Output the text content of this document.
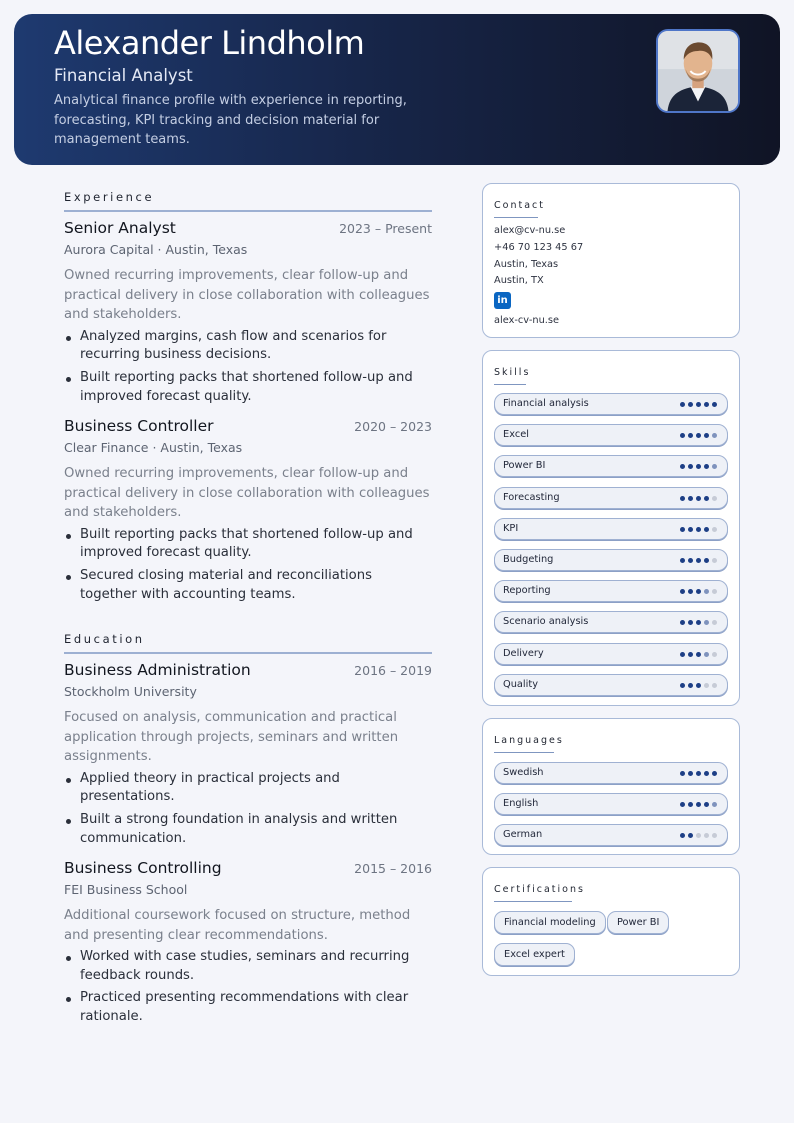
Alexander Lindholm
Financial Analyst
Analytical finance profile with experience in reporting, forecasting, KPI tracking and decision material for management teams.
Experience
Senior Analyst	2023 – Present
Aurora Capital · Austin, Texas
Owned recurring improvements, clear follow-up and practical delivery in close collaboration with colleagues and stakeholders.
Analyzed margins, cash flow and scenarios for recurring business decisions.
Built reporting packs that shortened follow-up and improved forecast quality.
Business Controller	2020 – 2023
Clear Finance · Austin, Texas
Owned recurring improvements, clear follow-up and practical delivery in close collaboration with colleagues and stakeholders.
Built reporting packs that shortened follow-up and improved forecast quality.
Secured closing material and reconciliations together with accounting teams.
Education
Business Administration	2016 – 2019
Stockholm University
Focused on analysis, communication and practical application through projects, seminars and written assignments.
Applied theory in practical projects and presentations.
Built a strong foundation in analysis and written communication.
Business Controlling	2015 – 2016
FEI Business School
Additional coursework focused on structure, method and presenting clear recommendations.
Worked with case studies, seminars and recurring feedback rounds.
Practiced presenting recommendations with clear rationale.
Contact
alex@cv-nu.se
+46 70 123 45 67
Austin, Texas
Austin, TX
in
alex-cv-nu.se
Skills
Financial analysis
Excel
Power BI
Forecasting
KPI
Budgeting
Reporting
Scenario analysis
Delivery
Quality
Languages
Swedish
English
German
Certifications
Financial modeling	Power BI
Excel expert
